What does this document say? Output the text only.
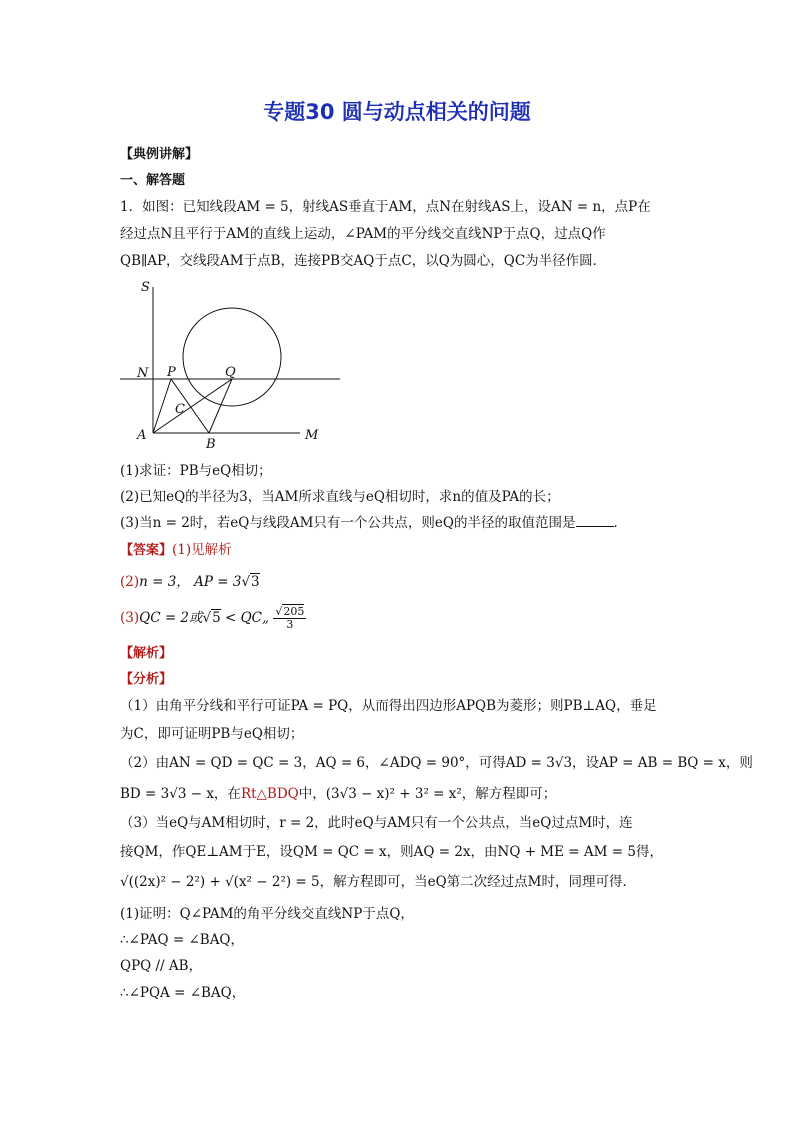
专题30 圆与动点相关的问题
【典例讲解】
一、解答题
1．如图：已知线段AM = 5，射线AS垂直于AM，点N在射线AS上，设AN = n，点P在
经过点N且平行于AM的直线上运动，∠PAM的平分线交直线NP于点Q，过点Q作
QB∥AP，交线段AM于点B，连接PB交AQ于点C，以Q为圆心，QC为半径作圆．
S
N P	Q
C
A
B
M
(1)求证：PB与eQ相切；
(2)已知eQ的半径为3，当AM所求直线与eQ相切时，求n的值及PA的长；
(3)当n = 2时，若eQ与线段AM只有一个公共点，则eQ的半径的取值范围是	．
【答案】(1)见解析
(2)n = 3， AP = 3√3
(3)QC = 2或√5 < QC„ $\frac{√205}{3}$
【解析】
【分析】
（1）由角平分线和平行可证PA = PQ，从而得出四边形APQB为菱形；则PB⊥AQ，垂足
为C，即可证明PB与eQ相切；
（2）由AN = QD = QC = 3，AQ = 6，∠ADQ = 90°，可得AD = 3√3，设AP = AB = BQ = x，则
BD = 3√3 − x，在Rt△BDQ中，(3√3 − x)² + 3² = x²，解方程即可；
（3）当eQ与AM相切时，r = 2，此时eQ与AM只有一个公共点，当eQ过点M时，连
接QM，作QE⊥AM于E，设QM = QC = x，则AQ = 2x，由NQ + ME = AM = 5得，
√((2x)² − 2²) + √(x² − 2²) = 5，解方程即可，当eQ第二次经过点M时，同理可得．
(1)证明：Q∠PAM的角平分线交直线NP于点Q，
∴∠PAQ = ∠BAQ，
QPQ // AB，
∴∠PQA = ∠BAQ，
